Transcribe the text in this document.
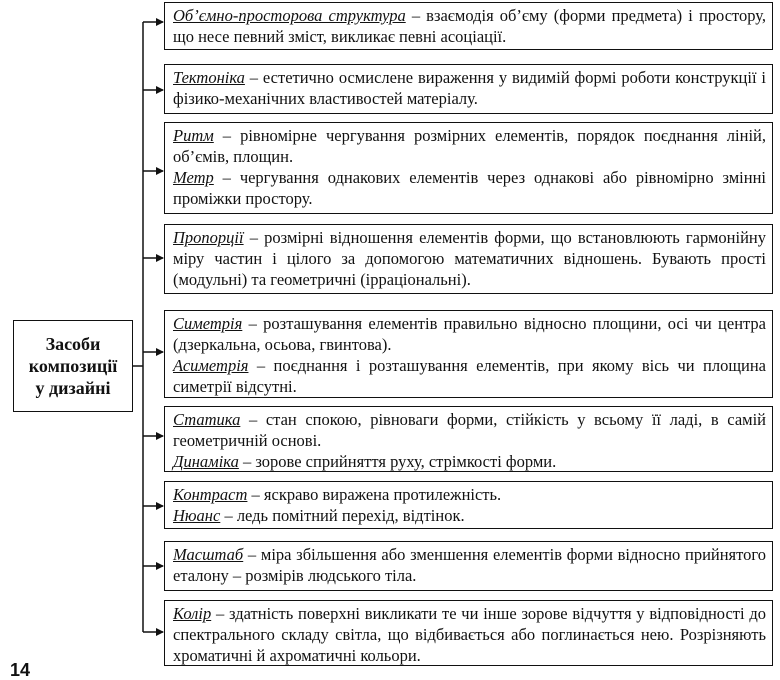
Засоби
композиції
у дизайні

Об’ємно-просторова структура – взаємодія об’єму (форми предмета) і простору, що несе певний зміст, викликає певні асоціації.

Тектоніка – естетично осмислене вираження у видимій формі роботи конструкції і фізико-механічних властивостей матеріалу.

Ритм – рівномірне чергування розмірних елементів, порядок поєднання ліній, об’ємів, площин.

Метр – чергування однакових елементів через однакові або рівномірно змінні проміжки простору.

Пропорції – розмірні відношення елементів форми, що встановлюють гармонійну міру частин і цілого за допомогою математичних відношень. Бувають прості (модульні) та геометричні (ірраціональні).

Симетрія – розташування елементів правильно відносно площини, осі чи центра (дзеркальна, осьова, гвинтова).

Асиметрія – поєднання і розташування елементів, при якому вісь чи площина симетрії відсутні.

Статика – стан спокою, рівноваги форми, стійкість у всьому її ладі, в самій геометричній основі.

Динаміка – зорове сприйняття руху, стрімкості форми.

Контраст – яскраво виражена протилежність.

Нюанс – ледь помітний перехід, відтінок.

Масштаб – міра збільшення або зменшення елементів форми відносно прийнятого еталону – розмірів людського тіла.

Колір – здатність поверхні викликати те чи інше зорове відчуття у відповідності до спектрального складу світла, що відбивається або поглинається нею. Розрізняють хроматичні й ахроматичні кольори.

14
